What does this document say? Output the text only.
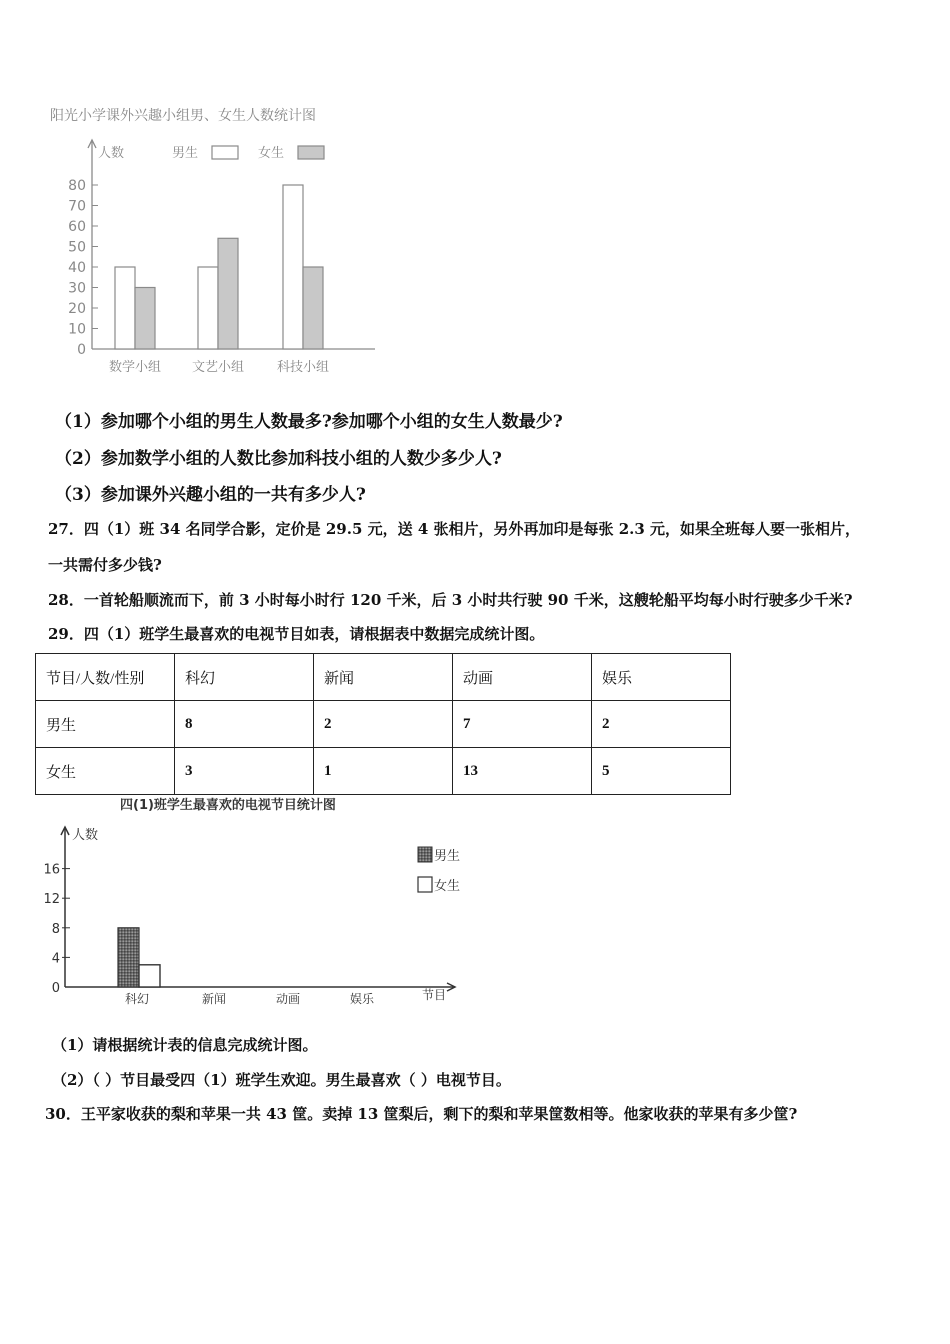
阳光小学课外兴趣小组男、女生人数统计图
人数	男生	女生
0
10
20
30
40
50
60
70
80
数学小组 文艺小组	科技小组
（1）参加哪个小组的男生人数最多?参加哪个小组的女生人数最少?
（2）参加数学小组的人数比参加科技小组的人数少多少人?
（3）参加课外兴趣小组的一共有多少人?
27．四（1）班 34 名同学合影，定价是 29.5 元，送 4 张相片，另外再加印是每张 2.3 元，如果全班每人要一张相片，
一共需付多少钱?
28．一首轮船顺流而下，前 3 小时每小时行 120 千米，后 3 小时共行驶 90 千米，这艘轮船平均每小时行驶多少千米?
29．四（1）班学生最喜欢的电视节目如表，请根据表中数据完成统计图。
节目/人数/性别	科幻	新闻	动画	娱乐
男生	8	2	7	2
女生	3	1	13	5
四(1)班学生最喜欢的电视节目统计图
人数
男生
女生
节目
0
4
8
12
16
科幻	新闻	动画	娱乐
（1）请根据统计表的信息完成统计图。
（2）（ ）节目最受四（1）班学生欢迎。男生最喜欢（ ）电视节目。
30．王平家收获的梨和苹果一共 43 筐。卖掉 13 筐梨后，剩下的梨和苹果筐数相等。他家收获的苹果有多少筐?
